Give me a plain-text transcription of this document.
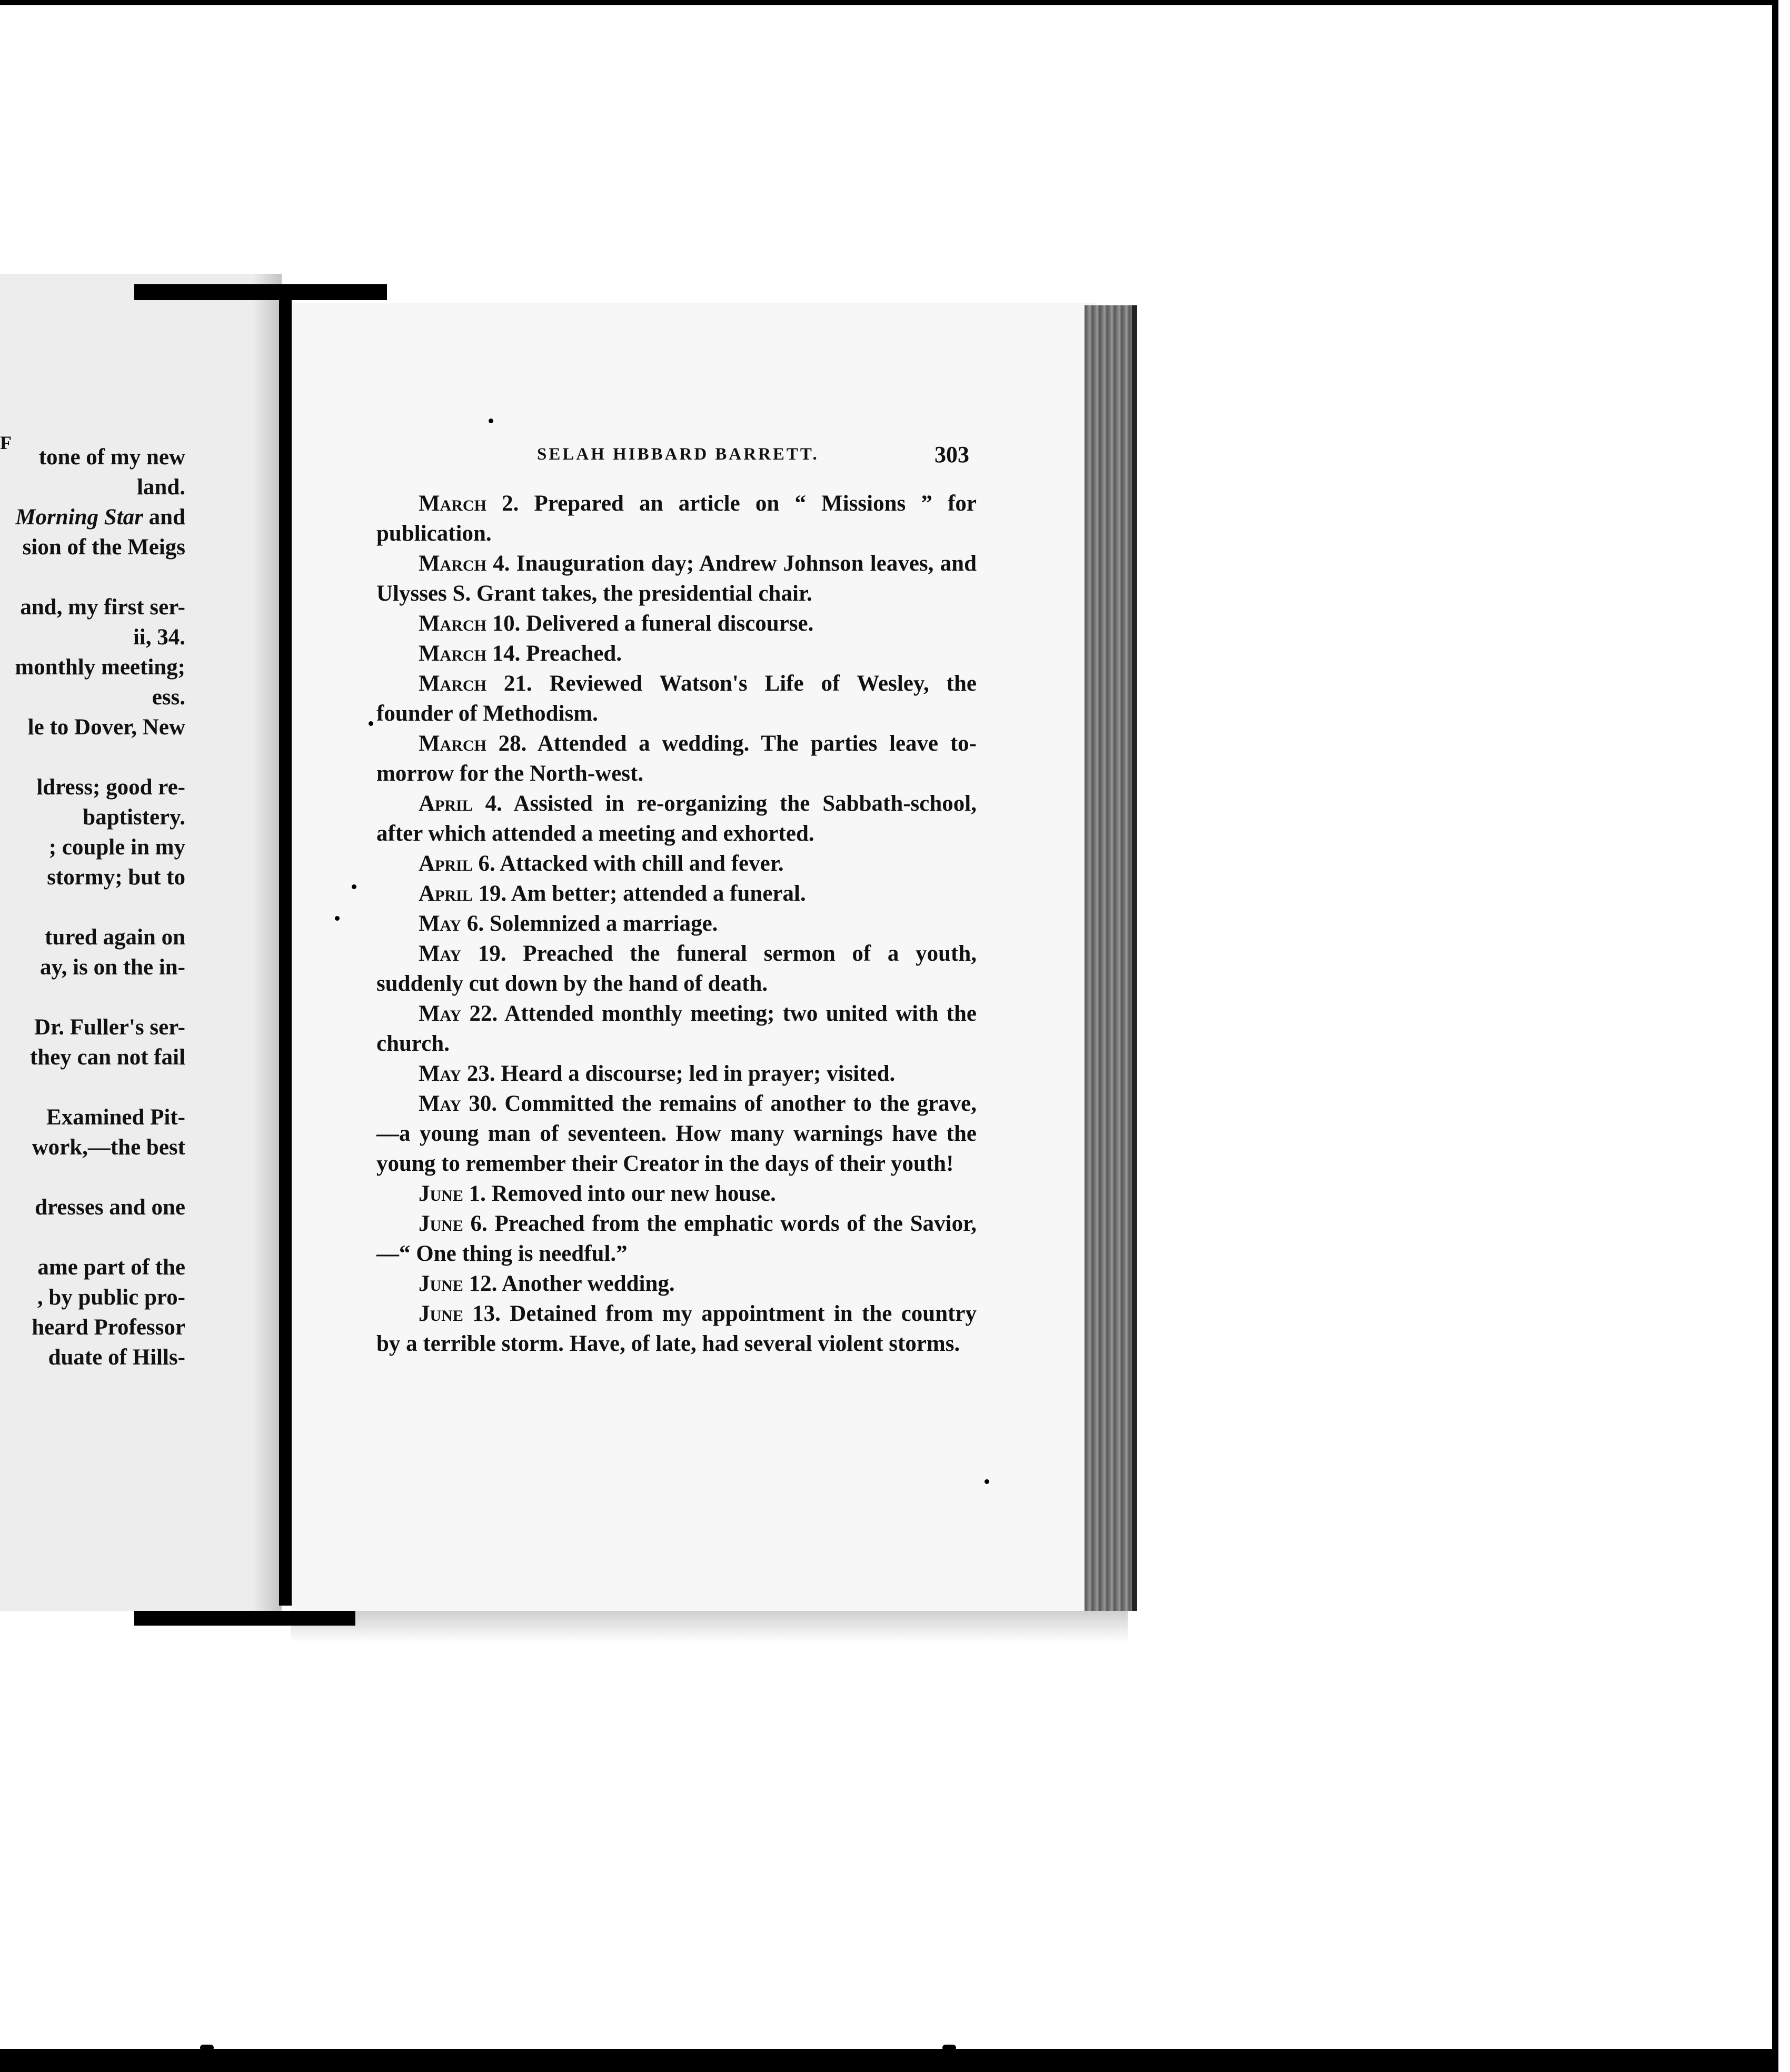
F
tone of my new
land.
Morning Star and
sion of the Meigs
and, my first ser-
ii, 34.
monthly meeting;
ess.
le to Dover, New
ldress; good re-
baptistery.
; couple in my
stormy; but to
tured again on
ay, is on the in-
Dr. Fuller's ser-
they can not fail
Examined Pit-
work,—the best
dresses and one
ame part of the
, by public pro-
heard Professor
duate of Hills-
SELAH HIBBARD BARRETT.	303

March 2. Prepared an article on “ Missions ” for publication.

March 4. Inauguration day; Andrew Johnson leaves, and Ulysses S. Grant takes, the presidential chair.

March 10. Delivered a funeral discourse.

March 14. Preached.

March 21. Reviewed Watson's Life of Wesley, the founder of Methodism.

March 28. Attended a wedding. The parties leave to-morrow for the North-west.

April 4. Assisted in re-organizing the Sabbath-school, after which attended a meeting and exhorted.

April 6. Attacked with chill and fever.

April 19. Am better; attended a funeral.

May 6. Solemnized a marriage.

May 19. Preached the funeral sermon of a youth, suddenly cut down by the hand of death.

May 22. Attended monthly meeting; two united with the church.

May 23. Heard a discourse; led in prayer; visited.

May 30. Committed the remains of another to the grave,—a young man of seventeen. How many warnings have the young to remember their Creator in the days of their youth!

June 1. Removed into our new house.

June 6. Preached from the emphatic words of the Savior,—“ One thing is needful.”

June 12. Another wedding.

June 13. Detained from my appointment in the country by a terrible storm. Have, of late, had several violent storms.
